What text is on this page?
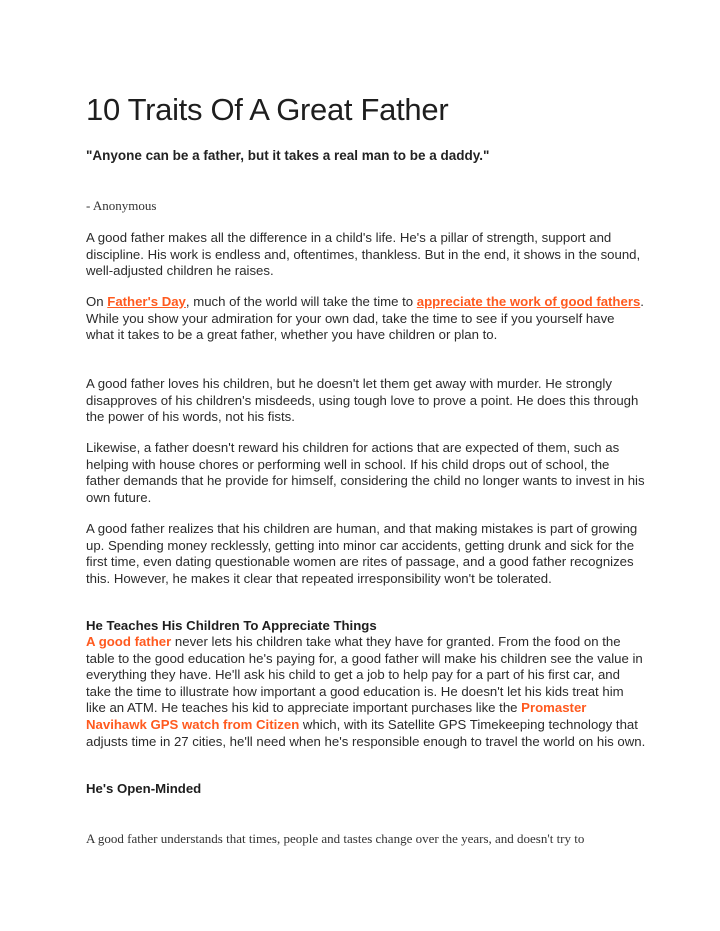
10 Traits Of A Great Father

"Anyone can be a father, but it takes a real man to be a daddy."

- Anonymous

A good father makes all the difference in a child's life. He's a pillar of strength, support and discipline. His work is endless and, oftentimes, thankless. But in the end, it shows in the sound, well-adjusted children he raises.

On Father's Day, much of the world will take the time to appreciate the work of good fathers. While you show your admiration for your own dad, take the time to see if you yourself have what it takes to be a great father, whether you have children or plan to.

A good father loves his children, but he doesn't let them get away with murder. He strongly disapproves of his children's misdeeds, using tough love to prove a point. He does this through the power of his words, not his fists.

Likewise, a father doesn't reward his children for actions that are expected of them, such as helping with house chores or performing well in school. If his child drops out of school, the father demands that he provide for himself, considering the child no longer wants to invest in his own future.

A good father realizes that his children are human, and that making mistakes is part of growing up. Spending money recklessly, getting into minor car accidents, getting drunk and sick for the first time, even dating questionable women are rites of passage, and a good father recognizes this. However, he makes it clear that repeated irresponsibility won't be tolerated.

He Teaches His Children To Appreciate Things

A good father never lets his children take what they have for granted. From the food on the table to the good education he's paying for, a good father will make his children see the value in everything they have. He'll ask his child to get a job to help pay for a part of his first car, and take the time to illustrate how important a good education is. He doesn't let his kids treat him like an ATM. He teaches his kid to appreciate important purchases like the Promaster Navihawk GPS watch from Citizen which, with its Satellite GPS Timekeeping technology that adjusts time in 27 cities, he'll need when he's responsible enough to travel the world on his own.

He's Open-Minded

A good father understands that times, people and tastes change over the years, and doesn't try to
